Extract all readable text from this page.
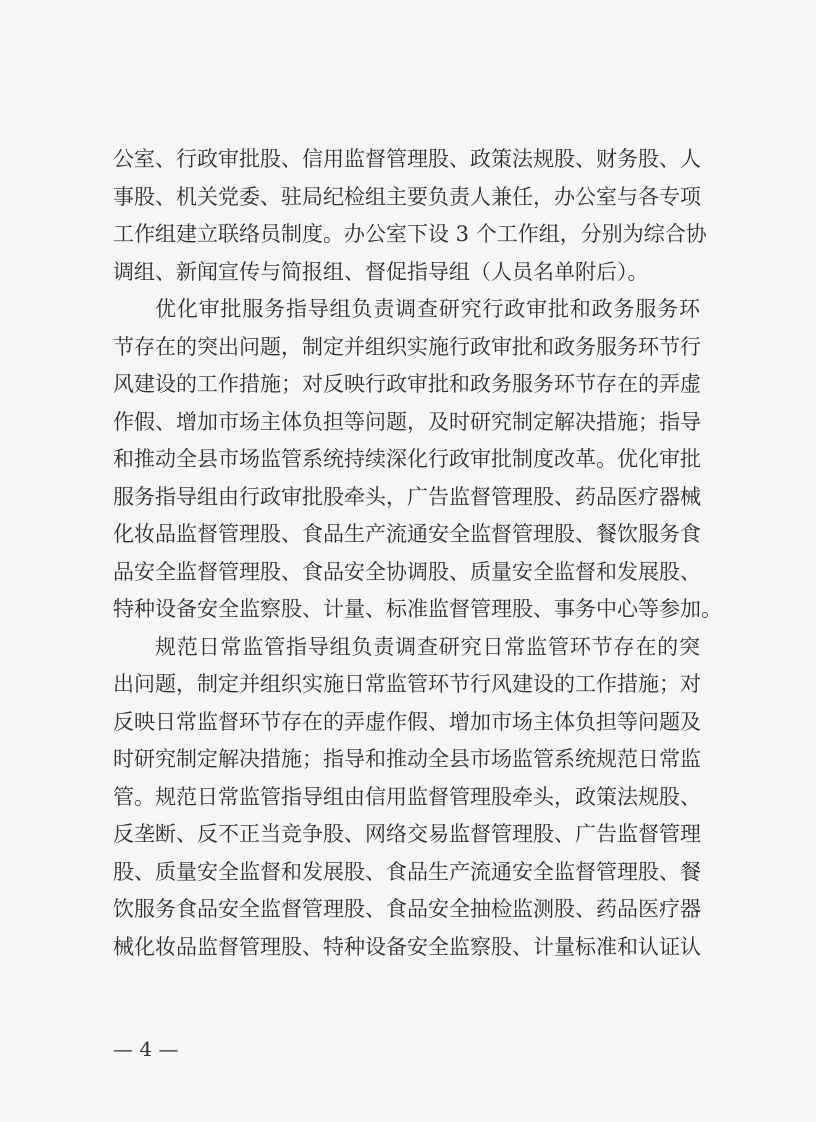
公室、行政审批股、信用监督管理股、政策法规股、财务股、人
事股、机关党委、驻局纪检组主要负责人兼任，办公室与各专项
工作组建立联络员制度。办公室下设 3 个工作组，分别为综合协
调组、新闻宣传与简报组、督促指导组（人员名单附后）。
优化审批服务指导组负责调查研究行政审批和政务服务环
节存在的突出问题，制定并组织实施行政审批和政务服务环节行
风建设的工作措施；对反映行政审批和政务服务环节存在的弄虚
作假、增加市场主体负担等问题，及时研究制定解决措施；指导
和推动全县市场监管系统持续深化行政审批制度改革。优化审批
服务指导组由行政审批股牵头，广告监督管理股、药品医疗器械
化妆品监督管理股、食品生产流通安全监督管理股、餐饮服务食
品安全监督管理股、食品安全协调股、质量安全监督和发展股、
特种设备安全监察股、计量、标准监督管理股、事务中心等参加。
规范日常监管指导组负责调查研究日常监管环节存在的突
出问题，制定并组织实施日常监管环节行风建设的工作措施；对
反映日常监督环节存在的弄虚作假、增加市场主体负担等问题及
时研究制定解决措施；指导和推动全县市场监管系统规范日常监
管。规范日常监管指导组由信用监督管理股牵头，政策法规股、
反垄断、反不正当竞争股、网络交易监督管理股、广告监督管理
股、质量安全监督和发展股、食品生产流通安全监督管理股、餐
饮服务食品安全监督管理股、食品安全抽检监测股、药品医疗器
械化妆品监督管理股、特种设备安全监察股、计量标准和认证认
— 4 —
